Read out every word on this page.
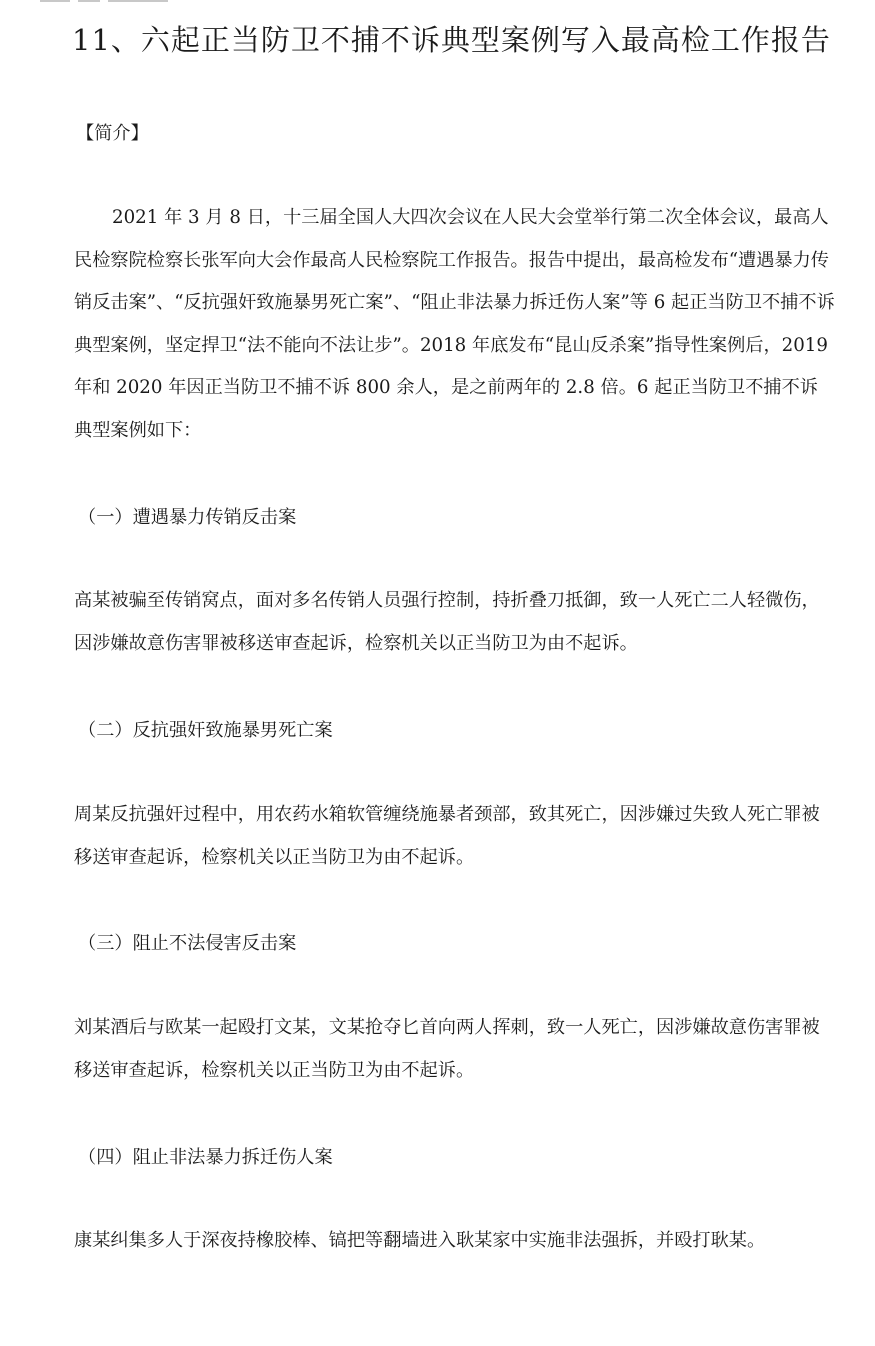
11、六起正当防卫不捕不诉典型案例写入最高检工作报告

【简介】

2021 年 3 月 8 日，十三届全国人大四次会议在人民大会堂举行第二次全体会议，最高人民检察院检察长张军向大会作最高人民检察院工作报告。报告中提出，最高检发布“遭遇暴力传销反击案”、“反抗强奸致施暴男死亡案”、“阻止非法暴力拆迁伤人案”等 6 起正当防卫不捕不诉典型案例，坚定捍卫“法不能向不法让步”。2018 年底发布“昆山反杀案”指导性案例后，2019 年和 2020 年因正当防卫不捕不诉 800 余人，是之前两年的 2.8 倍。6 起正当防卫不捕不诉典型案例如下：

（一）遭遇暴力传销反击案

高某被骗至传销窝点，面对多名传销人员强行控制，持折叠刀抵御，致一人死亡二人轻微伤，因涉嫌故意伤害罪被移送审查起诉，检察机关以正当防卫为由不起诉。

（二）反抗强奸致施暴男死亡案

周某反抗强奸过程中，用农药水箱软管缠绕施暴者颈部，致其死亡，因涉嫌过失致人死亡罪被移送审查起诉，检察机关以正当防卫为由不起诉。

（三）阻止不法侵害反击案

刘某酒后与欧某一起殴打文某，文某抢夺匕首向两人挥刺，致一人死亡，因涉嫌故意伤害罪被移送审查起诉，检察机关以正当防卫为由不起诉。

（四）阻止非法暴力拆迁伤人案

康某纠集多人于深夜持橡胶棒、镐把等翻墙进入耿某家中实施非法强拆，并殴打耿某。
